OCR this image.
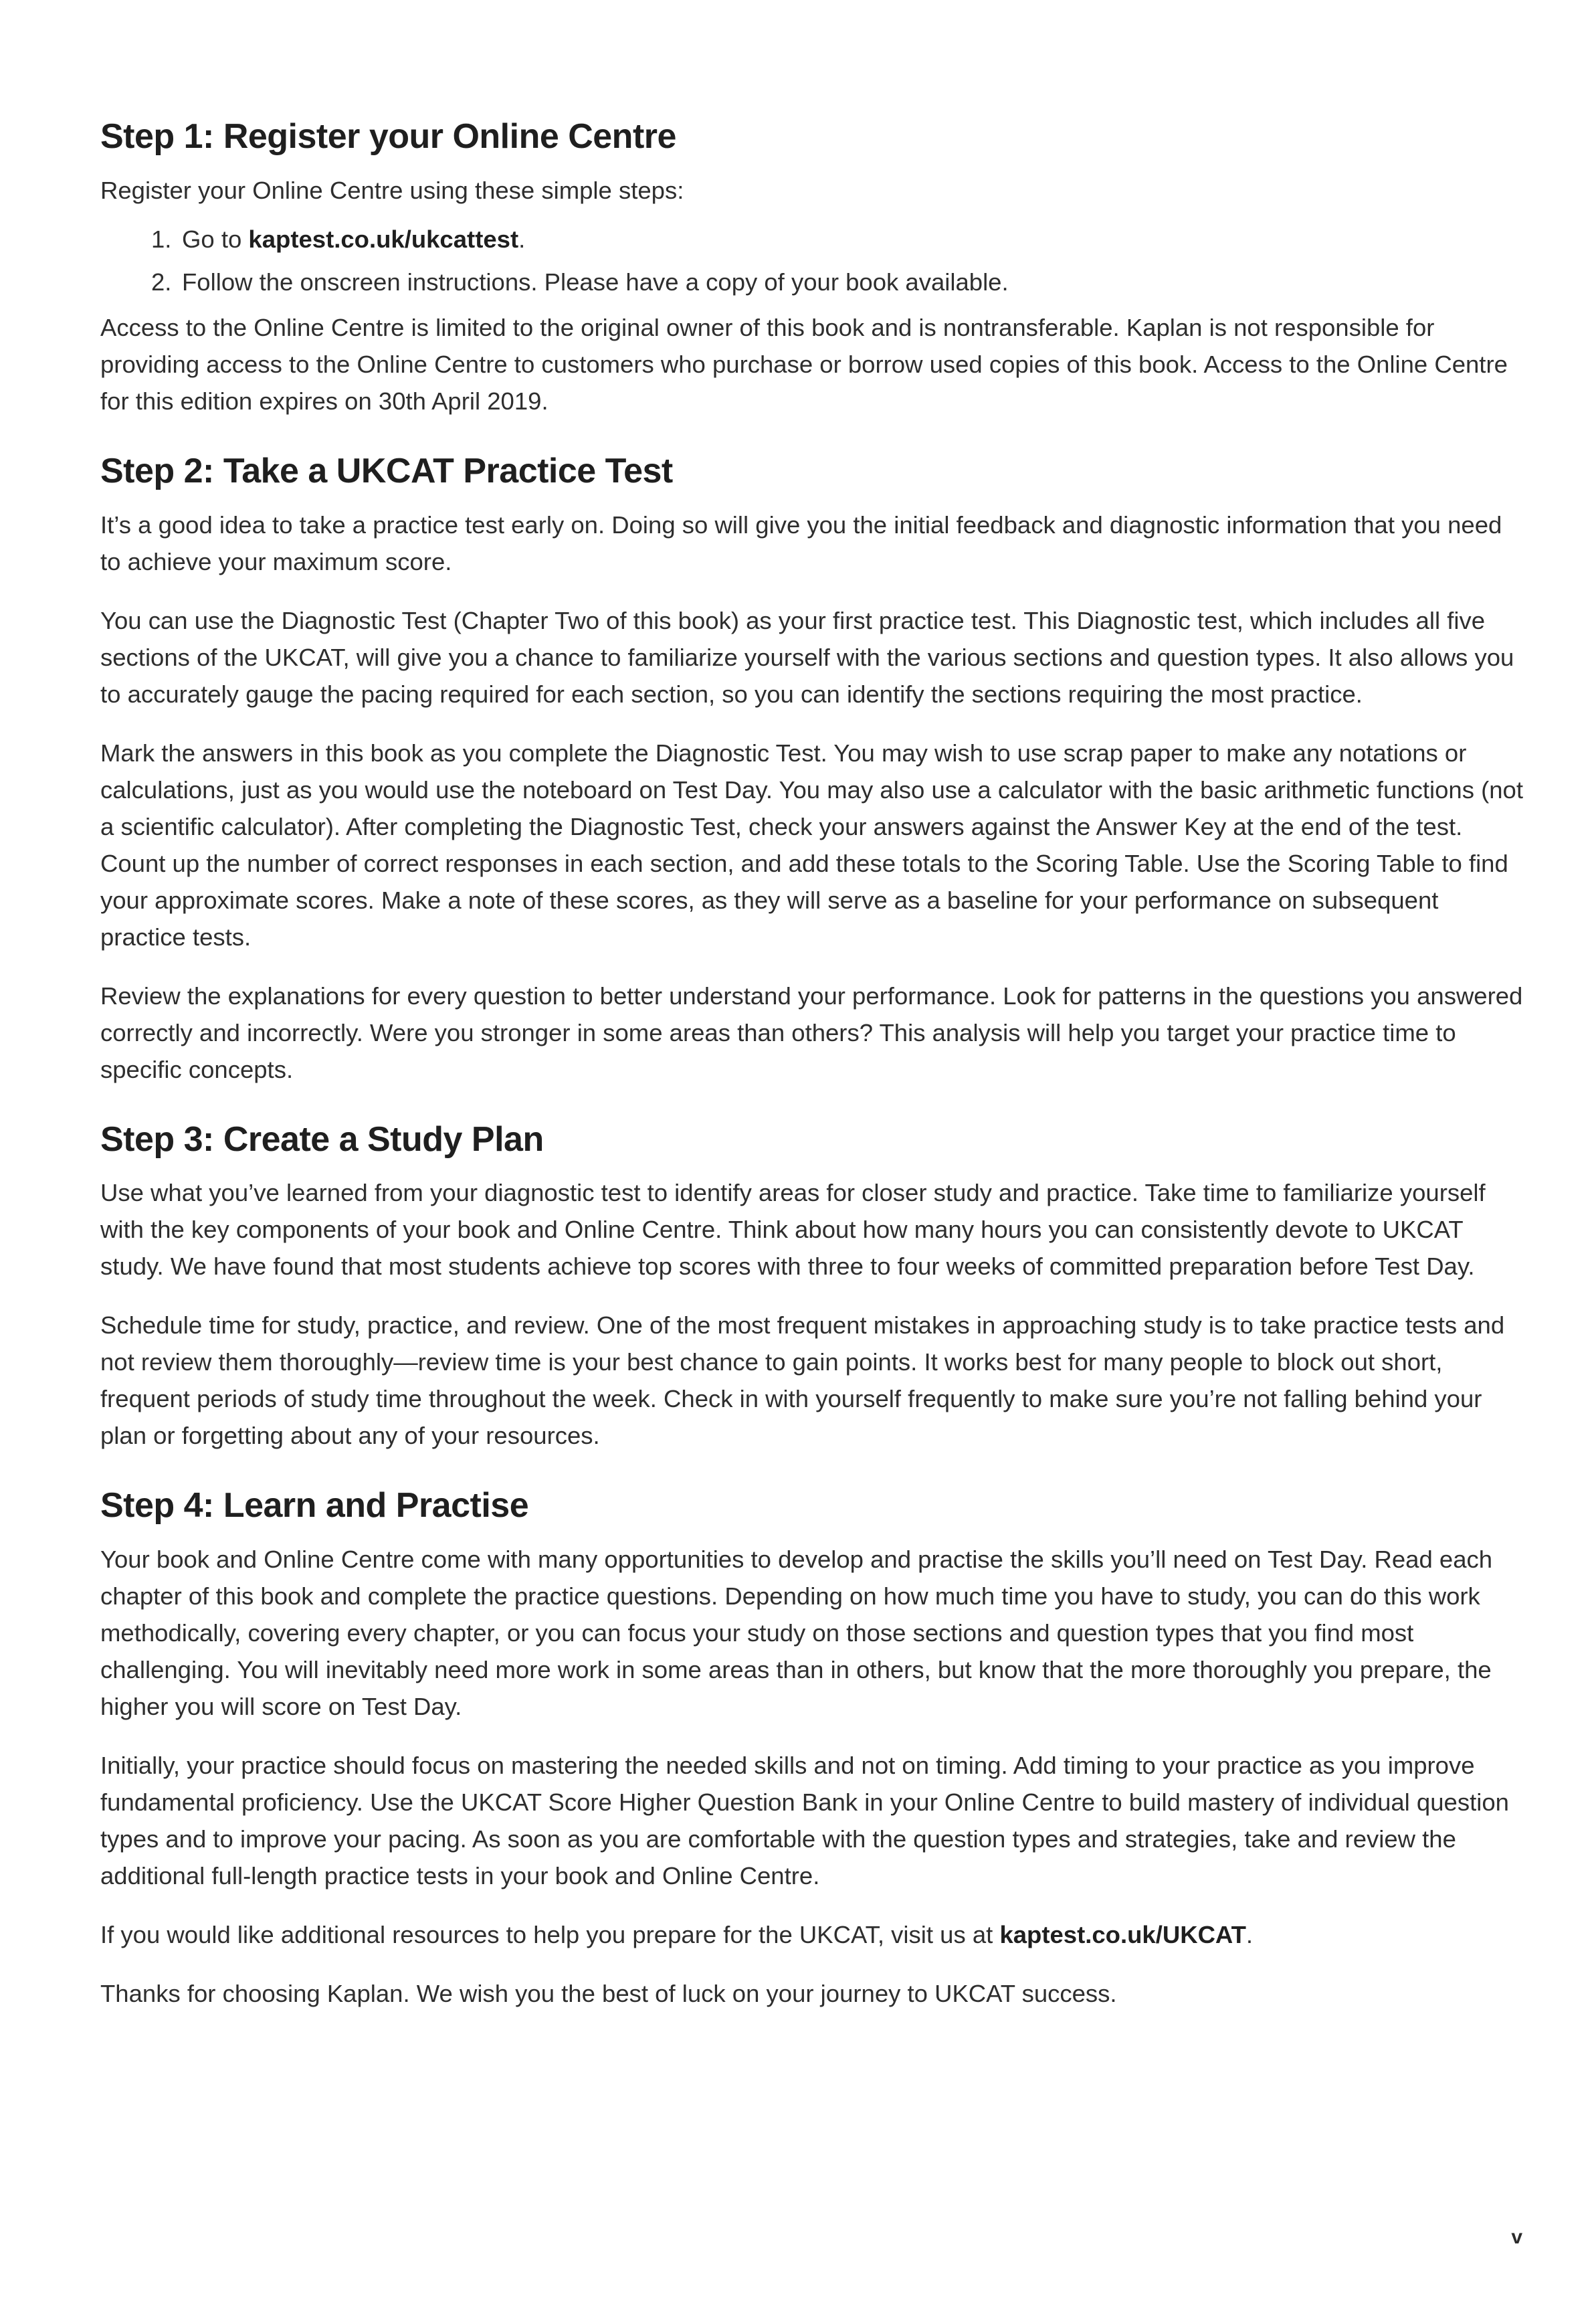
Step 1: Register your Online Centre

Register your Online Centre using these simple steps:

1. Go to kaptest.co.uk/ukcattest.
2. Follow the onscreen instructions. Please have a copy of your book available.

Access to the Online Centre is limited to the original owner of this book and is nontransferable. Kaplan is not responsible for providing access to the Online Centre to customers who purchase or borrow used copies of this book. Access to the Online Centre for this edition expires on 30th April 2019.

Step 2: Take a UKCAT Practice Test

It’s a good idea to take a practice test early on. Doing so will give you the initial feedback and diagnostic information that you need to achieve your maximum score.

You can use the Diagnostic Test (Chapter Two of this book) as your first practice test. This Diagnostic test, which includes all five sections of the UKCAT, will give you a chance to familiarize yourself with the various sections and question types. It also allows you to accurately gauge the pacing required for each section, so you can identify the sections requiring the most practice.

Mark the answers in this book as you complete the Diagnostic Test. You may wish to use scrap paper to make any notations or calculations, just as you would use the noteboard on Test Day. You may also use a calculator with the basic arithmetic functions (not a scientific calculator). After completing the Diagnostic Test, check your answers against the Answer Key at the end of the test. Count up the number of correct responses in each section, and add these totals to the Scoring Table. Use the Scoring Table to find your approximate scores. Make a note of these scores, as they will serve as a baseline for your performance on subsequent practice tests.

Review the explanations for every question to better understand your performance. Look for patterns in the questions you answered correctly and incorrectly. Were you stronger in some areas than others? This analysis will help you target your practice time to specific concepts.

Step 3: Create a Study Plan

Use what you’ve learned from your diagnostic test to identify areas for closer study and practice. Take time to familiarize yourself with the key components of your book and Online Centre. Think about how many hours you can consistently devote to UKCAT study. We have found that most students achieve top scores with three to four weeks of committed preparation before Test Day.

Schedule time for study, practice, and review. One of the most frequent mistakes in approaching study is to take practice tests and not review them thoroughly—review time is your best chance to gain points. It works best for many people to block out short, frequent periods of study time throughout the week. Check in with yourself frequently to make sure you’re not falling behind your plan or forgetting about any of your resources.

Step 4: Learn and Practise

Your book and Online Centre come with many opportunities to develop and practise the skills you’ll need on Test Day. Read each chapter of this book and complete the practice questions. Depending on how much time you have to study, you can do this work methodically, covering every chapter, or you can focus your study on those sections and question types that you find most challenging. You will inevitably need more work in some areas than in others, but know that the more thoroughly you prepare, the higher you will score on Test Day.

Initially, your practice should focus on mastering the needed skills and not on timing. Add timing to your practice as you improve fundamental proficiency. Use the UKCAT Score Higher Question Bank in your Online Centre to build mastery of individual question types and to improve your pacing. As soon as you are comfortable with the question types and strategies, take and review the additional full-length practice tests in your book and Online Centre.

If you would like additional resources to help you prepare for the UKCAT, visit us at kaptest.co.uk/UKCAT.

Thanks for choosing Kaplan. We wish you the best of luck on your journey to UKCAT success.

v
